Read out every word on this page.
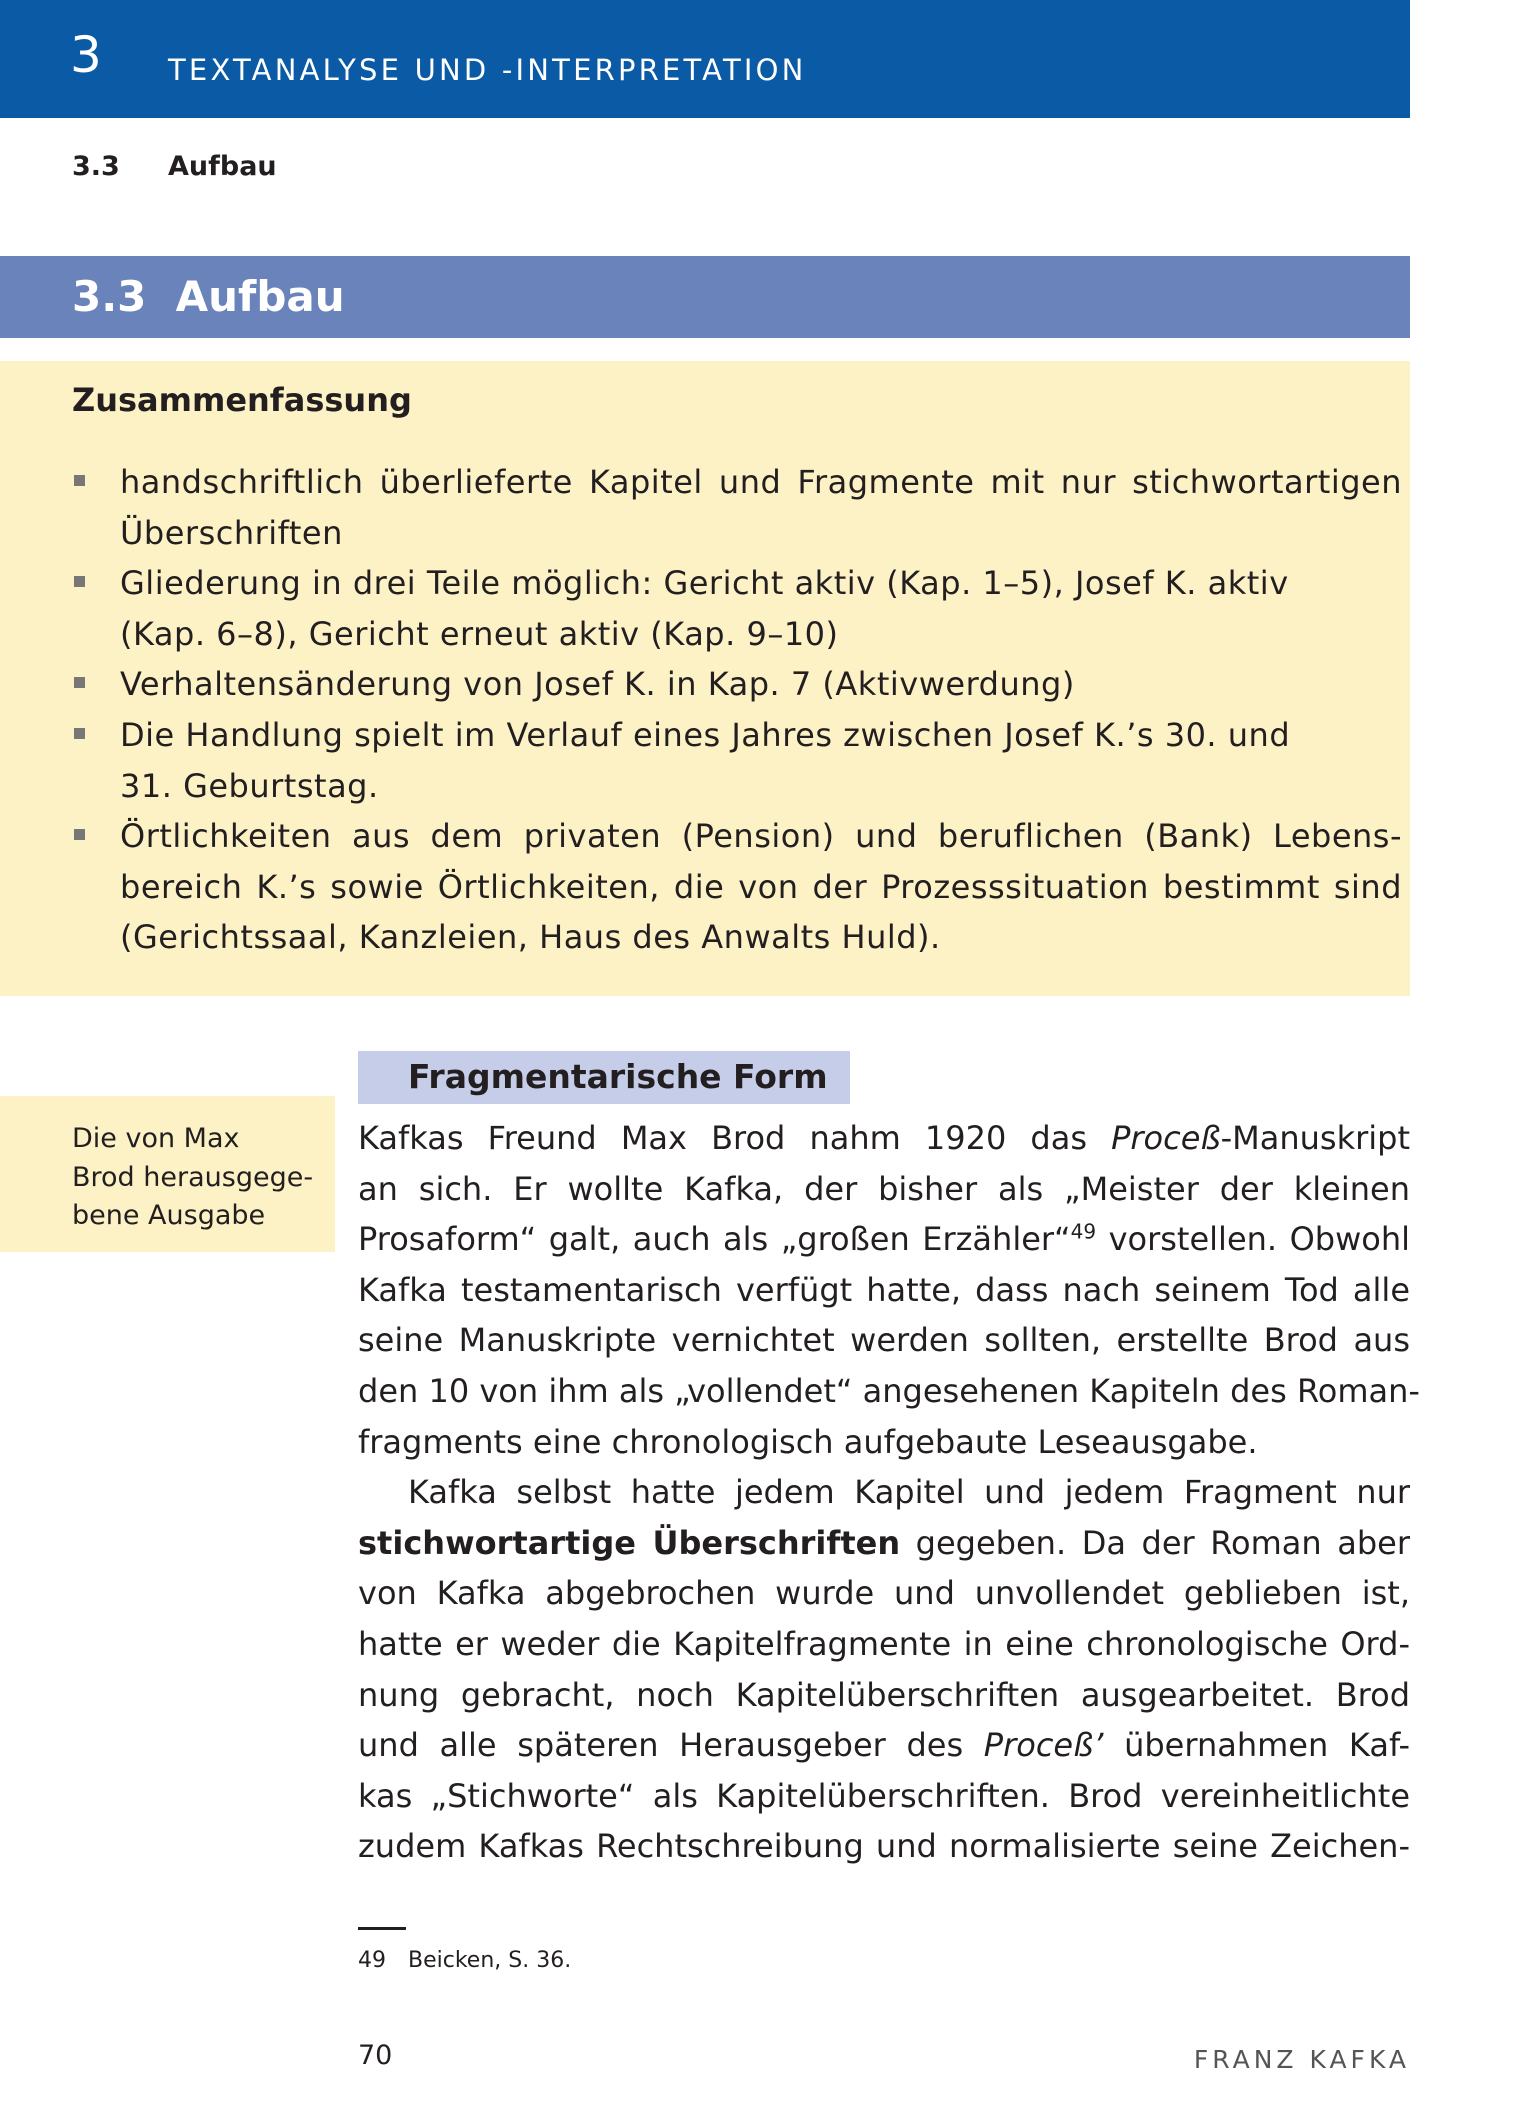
3 TEXTANALYSE UND -INTERPRETATION
3.3 Aufbau
3.3  Aufbau
Zusammenfassung
handschriftlich überlieferte Kapitel und Fragmente mit nur stichwortartigen
Überschriften
Gliederung in drei Teile möglich: Gericht aktiv (Kap. 1–5), Josef K. aktiv
(Kap. 6–8), Gericht erneut aktiv (Kap. 9–10)
Verhaltensänderung von Josef K. in Kap. 7 (Aktivwerdung)
Die Handlung spielt im Verlauf eines Jahres zwischen Josef K.’s 30. und
31. Geburtstag.
Örtlichkeiten aus dem privaten (Pension) und beruflichen (Bank) Lebens-
bereich K.’s sowie Örtlichkeiten, die von der Prozesssituation bestimmt sind
(Gerichtssaal, Kanzleien, Haus des Anwalts Huld).
Die von Max
Brod herausgege-
bene Ausgabe
Fragmentarische Form

Kafkas Freund Max Brod nahm 1920 das Proceß-Manuskript
an sich. Er wollte Kafka, der bisher als „Meister der kleinen
Prosaform“ galt, auch als „großen Erzähler“$^{49}$ vorstellen. Obwohl
Kafka testamentarisch verfügt hatte, dass nach seinem Tod alle
seine Manuskripte vernichtet werden sollten, erstellte Brod aus
den 10 von ihm als „vollendet“ angesehenen Kapiteln des Roman-
fragments eine chronologisch aufgebaute Leseausgabe.

Kafka selbst hatte jedem Kapitel und jedem Fragment nur
stichwortartige Überschriften gegeben. Da der Roman aber
von Kafka abgebrochen wurde und unvollendet geblieben ist,
hatte er weder die Kapitelfragmente in eine chronologische Ord-
nung gebracht, noch Kapitelüberschriften ausgearbeitet. Brod
und alle späteren Herausgeber des Proceß’ übernahmen Kaf-
kas „Stichworte“ als Kapitelüberschriften. Brod vereinheitlichte
zudem Kafkas Rechtschreibung und normalisierte seine Zeichen-

49 Beicken, S. 36.
70	FRANZ KAFKA
